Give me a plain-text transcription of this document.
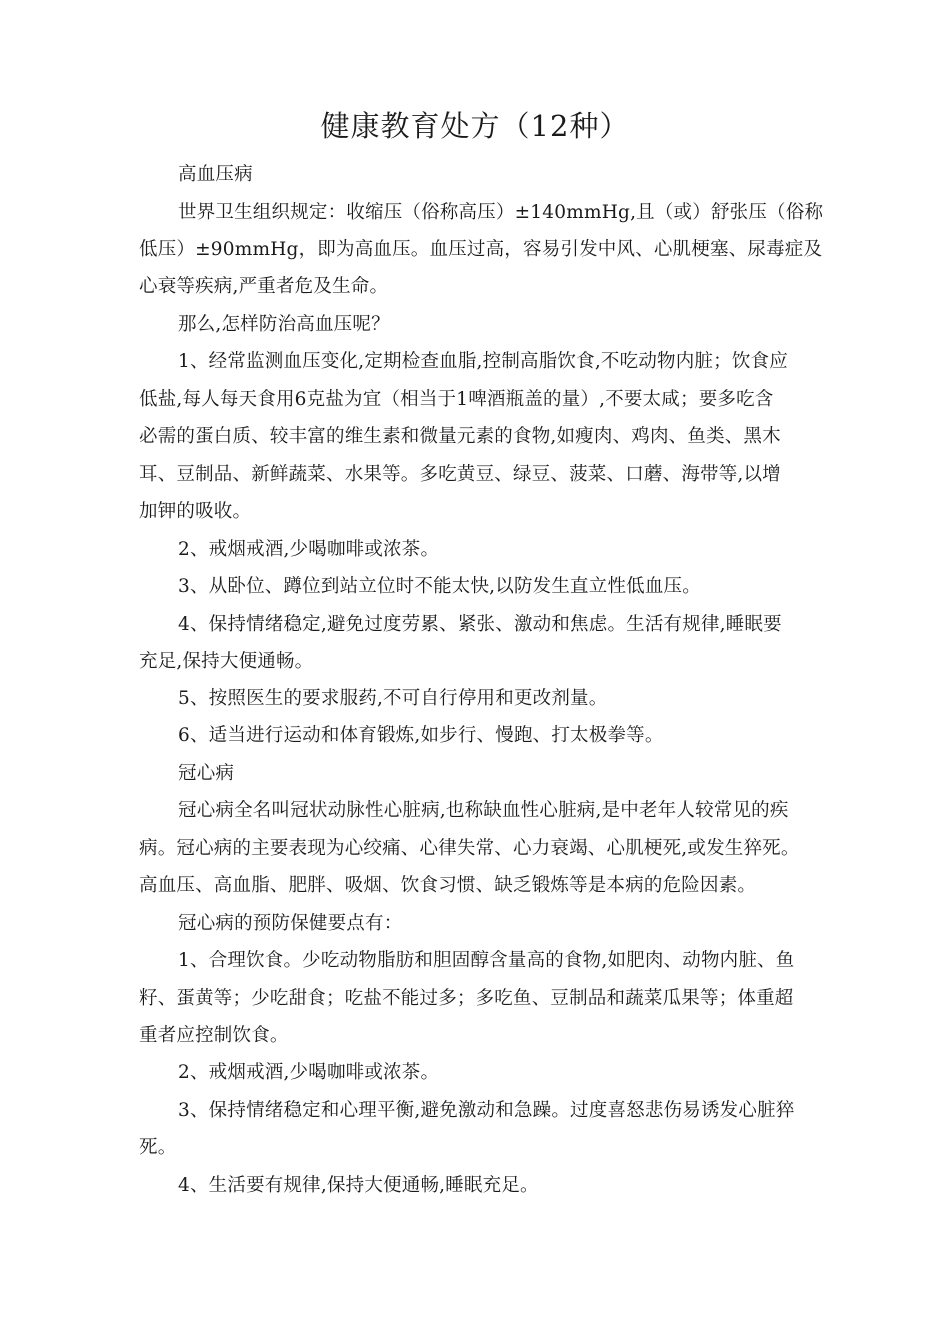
健康教育处方（12种）
高血压病
世界卫生组织规定：收缩压（俗称高压）±140mmHg,且（或）舒张压（俗称
低压）±90mmHg，即为高血压。血压过高，容易引发中风、心肌梗塞、尿毒症及
心衰等疾病,严重者危及生命。
那么,怎样防治高血压呢？
1、经常监测血压变化,定期检查血脂,控制高脂饮食,不吃动物内脏；饮食应
低盐,每人每天食用6克盐为宜（相当于1啤酒瓶盖的量）,不要太咸；要多吃含
必需的蛋白质、较丰富的维生素和微量元素的食物,如瘦肉、鸡肉、鱼类、黑木
耳、豆制品、新鲜蔬菜、水果等。多吃黄豆、绿豆、菠菜、口蘑、海带等,以增
加钾的吸收。
2、戒烟戒酒,少喝咖啡或浓茶。
3、从卧位、蹲位到站立位时不能太快,以防发生直立性低血压。
4、保持情绪稳定,避免过度劳累、紧张、激动和焦虑。生活有规律,睡眠要
充足,保持大便通畅。
5、按照医生的要求服药,不可自行停用和更改剂量。
6、适当进行运动和体育锻炼,如步行、慢跑、打太极拳等。
冠心病
冠心病全名叫冠状动脉性心脏病,也称缺血性心脏病,是中老年人较常见的疾
病。冠心病的主要表现为心绞痛、心律失常、心力衰竭、心肌梗死,或发生猝死。
高血压、高血脂、肥胖、吸烟、饮食习惯、缺乏锻炼等是本病的危险因素。
冠心病的预防保健要点有：
1、合理饮食。少吃动物脂肪和胆固醇含量高的食物,如肥肉、动物内脏、鱼
籽、蛋黄等；少吃甜食；吃盐不能过多；多吃鱼、豆制品和蔬菜瓜果等；体重超
重者应控制饮食。
2、戒烟戒酒,少喝咖啡或浓茶。
3、保持情绪稳定和心理平衡,避免激动和急躁。过度喜怒悲伤易诱发心脏猝
死。
4、生活要有规律,保持大便通畅,睡眠充足。
